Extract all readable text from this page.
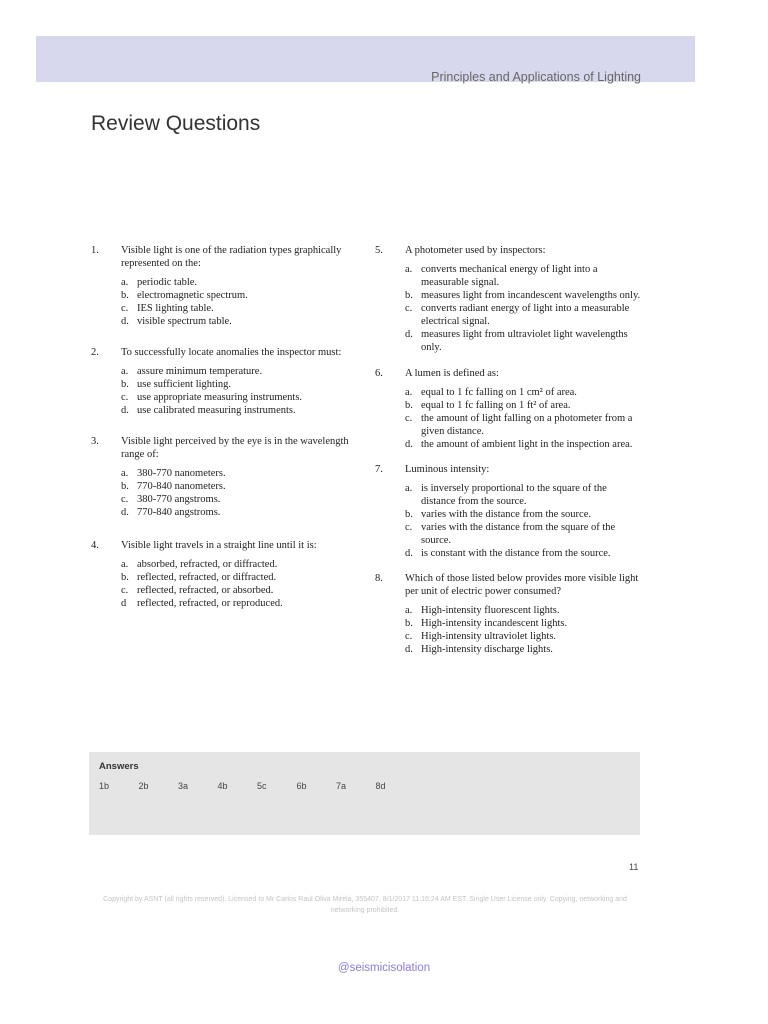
Principles and Applications of Lighting
Review Questions
1. Visible light is one of the radiation types graphically represented on the:

a. periodic table.
b. electromagnetic spectrum.
c. IES lighting table.
d. visible spectrum table.
2. To successfully locate anomalies the inspector must:

a. assure minimum temperature.
b. use sufficient lighting.
c. use appropriate measuring instruments.
d. use calibrated measuring instruments.
3. Visible light perceived by the eye is in the wavelength range of:

a. 380-770 nanometers.
b. 770-840 nanometers.
c. 380-770 angstroms.
d. 770-840 angstroms.
4. Visible light travels in a straight line until it is:

a. absorbed, refracted, or diffracted.
b. reflected, refracted, or diffracted.
c. reflected, refracted, or absorbed.
d reflected, refracted, or reproduced.
5. A photometer used by inspectors:

a. converts mechanical energy of light into a measurable signal.
b. measures light from incandescent wavelengths only.
c. converts radiant energy of light into a measurable electrical signal.
d. measures light from ultraviolet light wavelengths only.
6. A lumen is defined as:

a. equal to 1 fc falling on 1 cm² of area.
b. equal to 1 fc falling on 1 ft² of area.
c. the amount of light falling on a photometer from a given distance.
d. the amount of ambient light in the inspection area.
7. Luminous intensity:

a. is inversely proportional to the square of the distance from the source.
b. varies with the distance from the source.
c. varies with the distance from the square of the source.
d. is constant with the distance from the source.
8. Which of those listed below provides more visible light per unit of electric power consumed?

a. High-intensity fluorescent lights.
b. High-intensity incandescent lights.
c. High-intensity ultraviolet lights.
d. High-intensity discharge lights.
Answers
1b	2b	3a	4b	5c	6b	7a	8d
11
Copyright by ASNT (all rights reserved). Licensed to Mr Carlos Raul Oliva Mirela, 355407, 8/1/2017 11:16:24 AM EST. Single User License only. Copying, networking and networking prohibited.
@seismicisolation
